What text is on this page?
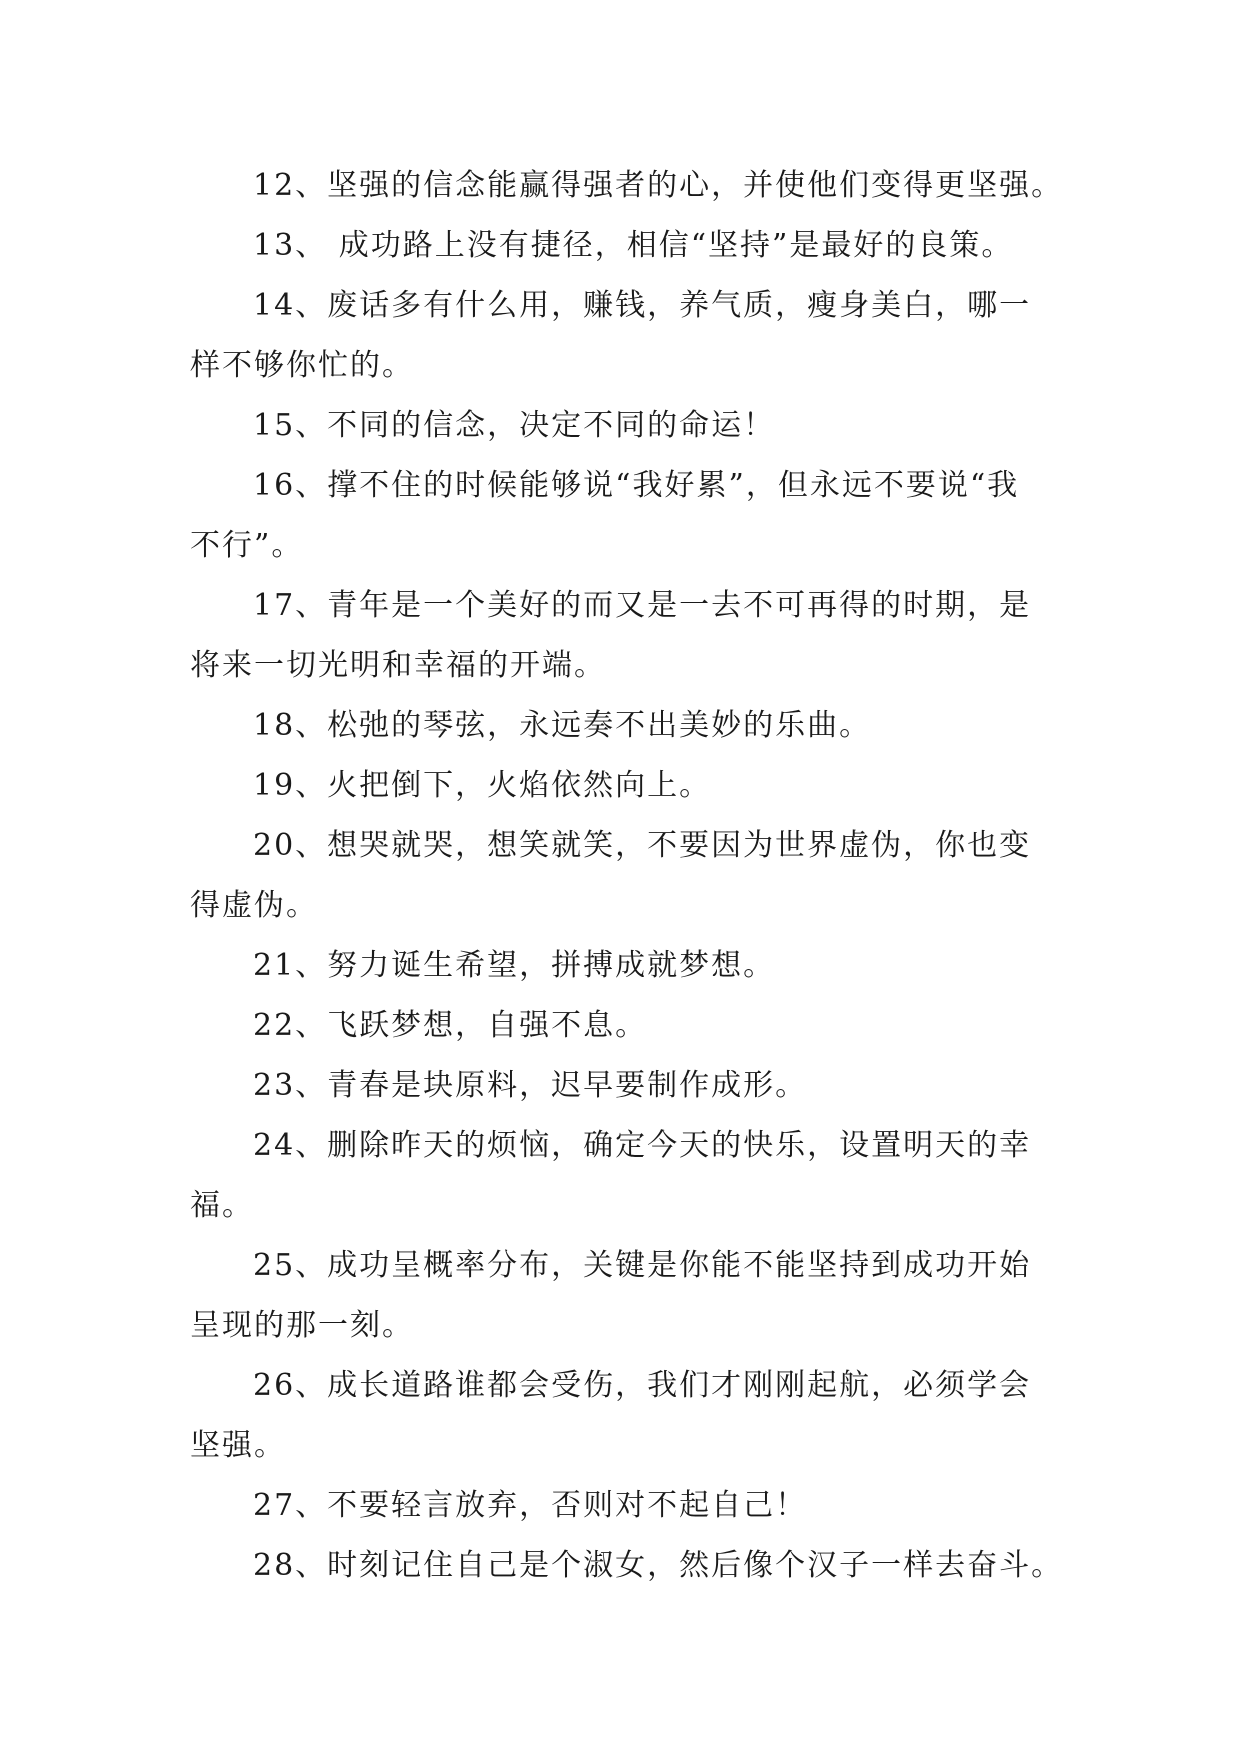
12、坚强的信念能赢得强者的心，并使他们变得更坚强。
13、 成功路上没有捷径，相信“坚持”是最好的良策。
14、废话多有什么用，赚钱，养气质，瘦身美白，哪一
样不够你忙的。
15、不同的信念，决定不同的命运！
16、撑不住的时候能够说“我好累”，但永远不要说“我
不行”。
17、青年是一个美好的而又是一去不可再得的时期，是
将来一切光明和幸福的开端。
18、松弛的琴弦，永远奏不出美妙的乐曲。
19、火把倒下，火焰依然向上。
20、想哭就哭，想笑就笑，不要因为世界虚伪，你也变
得虚伪。
21、努力诞生希望，拼搏成就梦想。
22、飞跃梦想，自强不息。
23、青春是块原料，迟早要制作成形。
24、删除昨天的烦恼，确定今天的快乐，设置明天的幸
福。
25、成功呈概率分布，关键是你能不能坚持到成功开始
呈现的那一刻。
26、成长道路谁都会受伤，我们才刚刚起航，必须学会
坚强。
27、不要轻言放弃，否则对不起自己！
28、时刻记住自己是个淑女，然后像个汉子一样去奋斗。
